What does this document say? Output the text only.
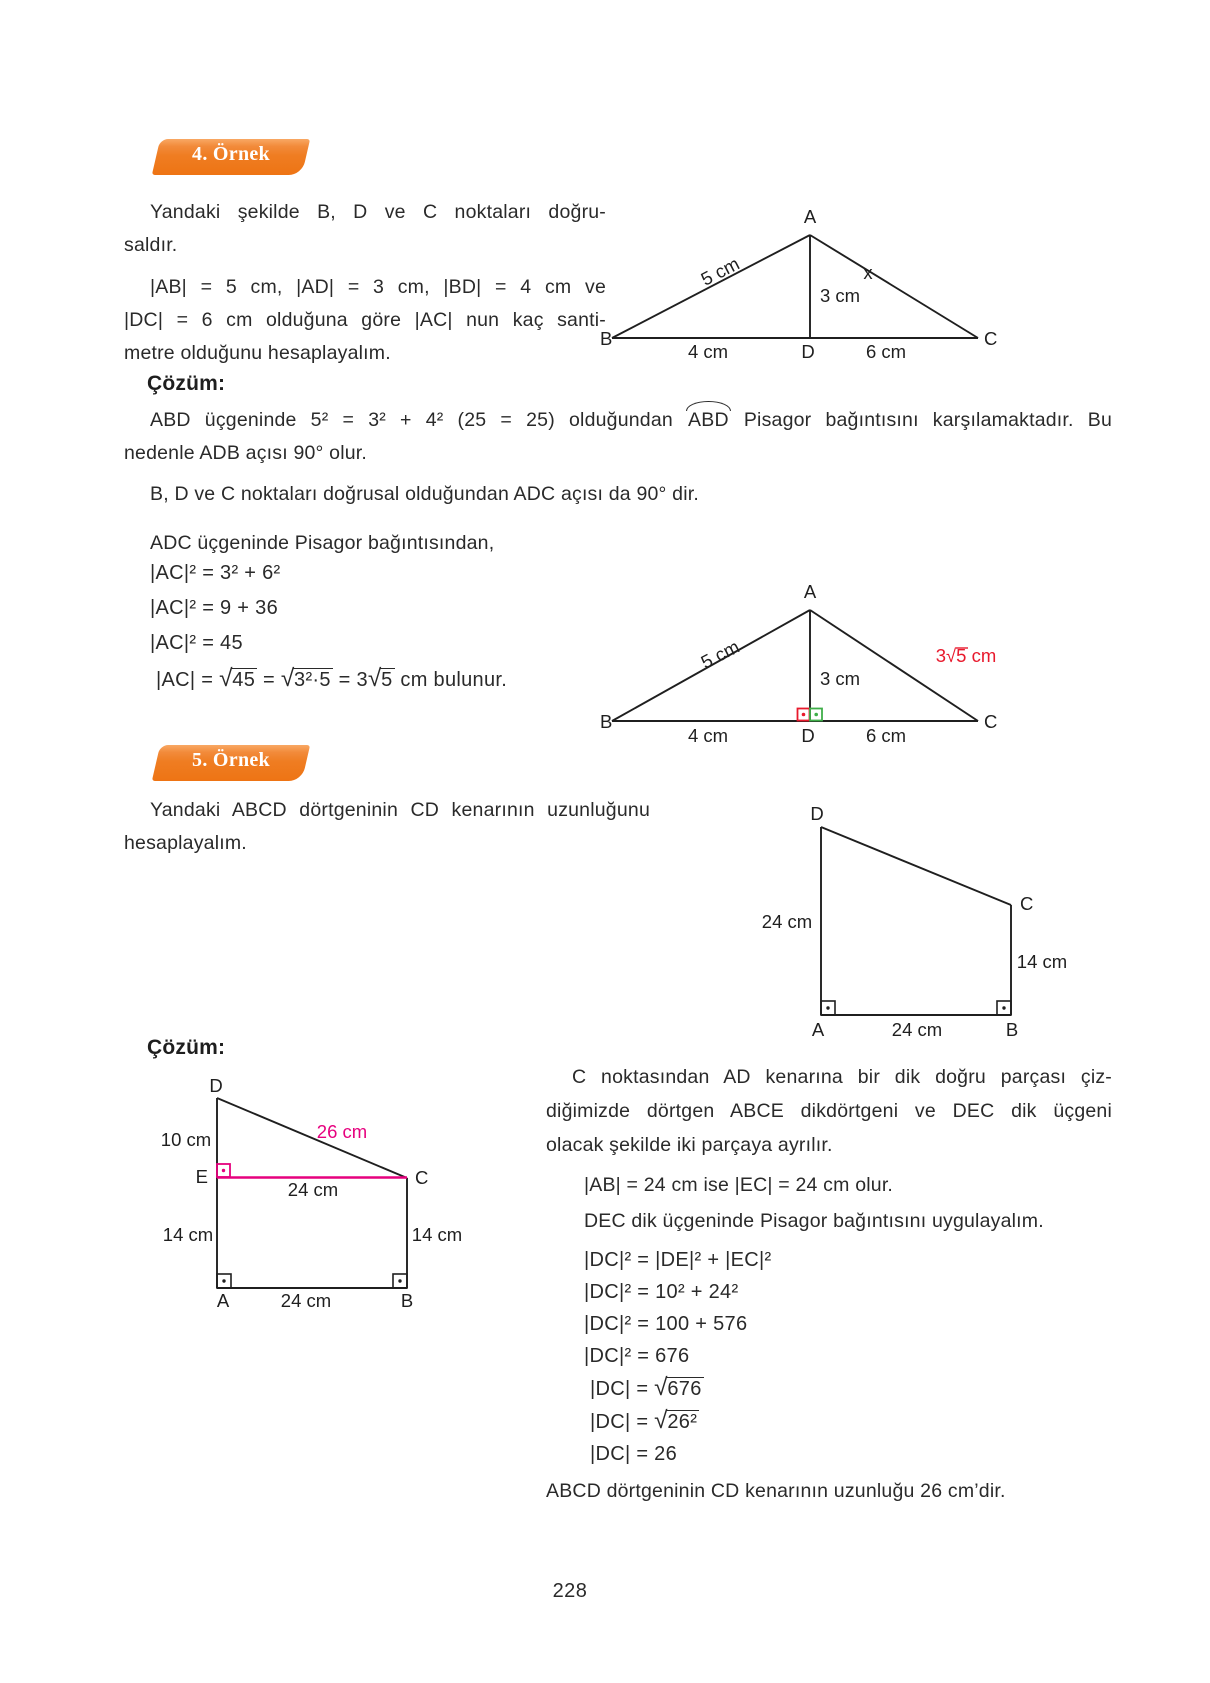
4. Örnek
Yandaki şekilde B, D ve C noktaları doğru-
saldır.
|AB| = 5 cm, |AD| = 3 cm, |BD| = 4 cm ve
|DC| = 6 cm olduğuna göre |AC| nun kaç santi-
metre olduğunu hesaplayalım.
A
B	C
D
5 cm
3 cm
x
4 cm	6 cm
Çözüm:
ABD üçgeninde 5² = 3² + 4² (25 = 25) olduğundan ABD Pisagor bağıntısını karşılamaktadır. Bu
nedenle ADB açısı 90° olur.
B, D ve C noktaları doğrusal olduğundan ADC açısı da 90° dir.
ADC üçgeninde Pisagor bağıntısından,
|AC|² = 3² + 6²
|AC|² = 9 + 36
|AC|² = 45
|AC| = √45 = √3²·5 = 3√5 cm bulunur.
A
B	C
D
5 cm
3 cm
3√5 cm
4 cm	6 cm
5. Örnek
Yandaki ABCD dörtgeninin CD kenarının uzunluğunu
hesaplayalım.
D
C
A	B
24 cm
14 cm
24 cm
Çözüm:
D
E	C
A	B
10 cm	26 cm
24 cm
14 cm	14 cm
24 cm
C noktasından AD kenarına bir dik doğru parçası çiz-
diğimizde dörtgen ABCE dikdörtgeni ve DEC dik üçgeni
olacak şekilde iki parçaya ayrılır.
|AB| = 24 cm ise |EC| = 24 cm olur.
DEC dik üçgeninde Pisagor bağıntısını uygulayalım.
|DC|² = |DE|² + |EC|²
|DC|² = 10² + 24²
|DC|² = 100 + 576
|DC|² = 676
|DC| = √676
|DC| = √26²
|DC| = 26
ABCD dörtgeninin CD kenarının uzunluğu 26 cm’dir.
228
